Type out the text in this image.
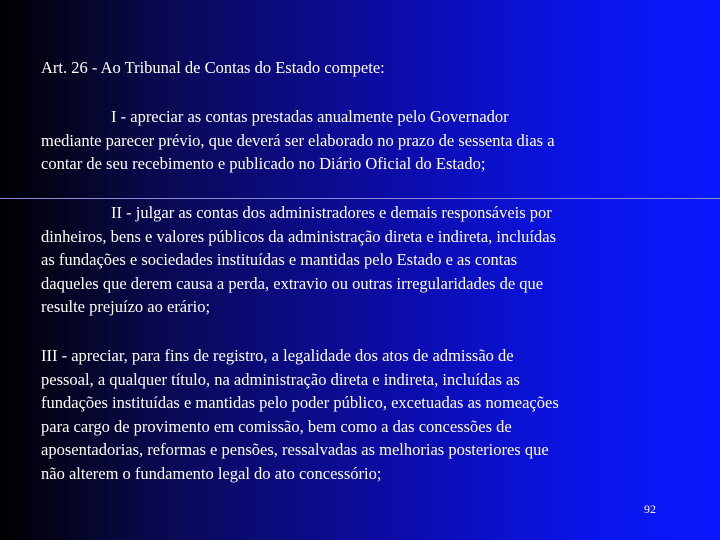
Art. 26 - Ao Tribunal de Contas do Estado compete:
I - apreciar as contas prestadas anualmente pelo Governador
mediante parecer prévio, que deverá ser elaborado no prazo de sessenta dias a
contar de seu recebimento e publicado no Diário Oficial do Estado;
II - julgar as contas dos administradores e demais responsáveis por
dinheiros, bens e valores públicos da administração direta e indireta, incluídas
as fundações e sociedades instituídas e mantidas pelo Estado e as contas
daqueles que derem causa a perda, extravio ou outras irregularidades de que
resulte prejuízo ao erário;
III - apreciar, para fins de registro, a legalidade dos atos de admissão de
pessoal, a qualquer título, na administração direta e indireta, incluídas as
fundações instituídas e mantidas pelo poder público, excetuadas as nomeações
para cargo de provimento em comissão, bem como a das concessões de
aposentadorias, reformas e pensões, ressalvadas as melhorias posteriores que
não alterem o fundamento legal do ato concessório;
92
